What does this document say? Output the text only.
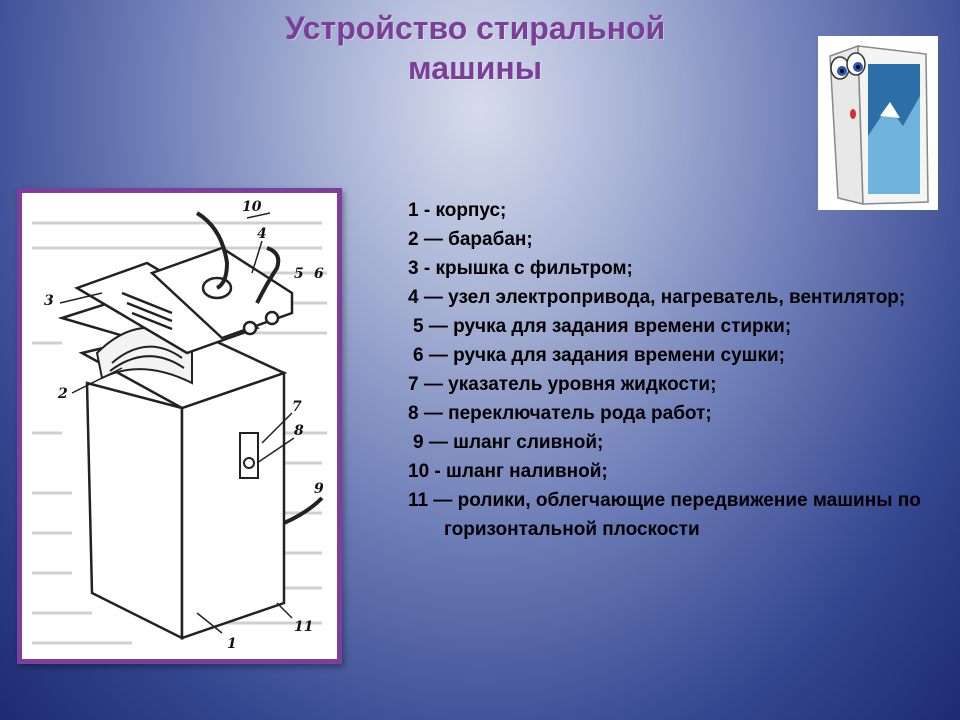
Устройство стиральной
машины
10
4
5 6
3
2
7
8
9
1
11
1 - корпус;
2 — барабан;
3 - крышка с фильтром;
4 — узел электропривода, нагреватель, вентилятор;
5 — ручка для задания времени стирки;
6 — ручка для задания времени сушки;
7 — указатель уровня жидкости;
8 — переключатель рода работ;
9 — шланг сливной;
10 - шланг наливной;
11 — ролики, облегчающие передвижение машины по горизонтальной плоскости
